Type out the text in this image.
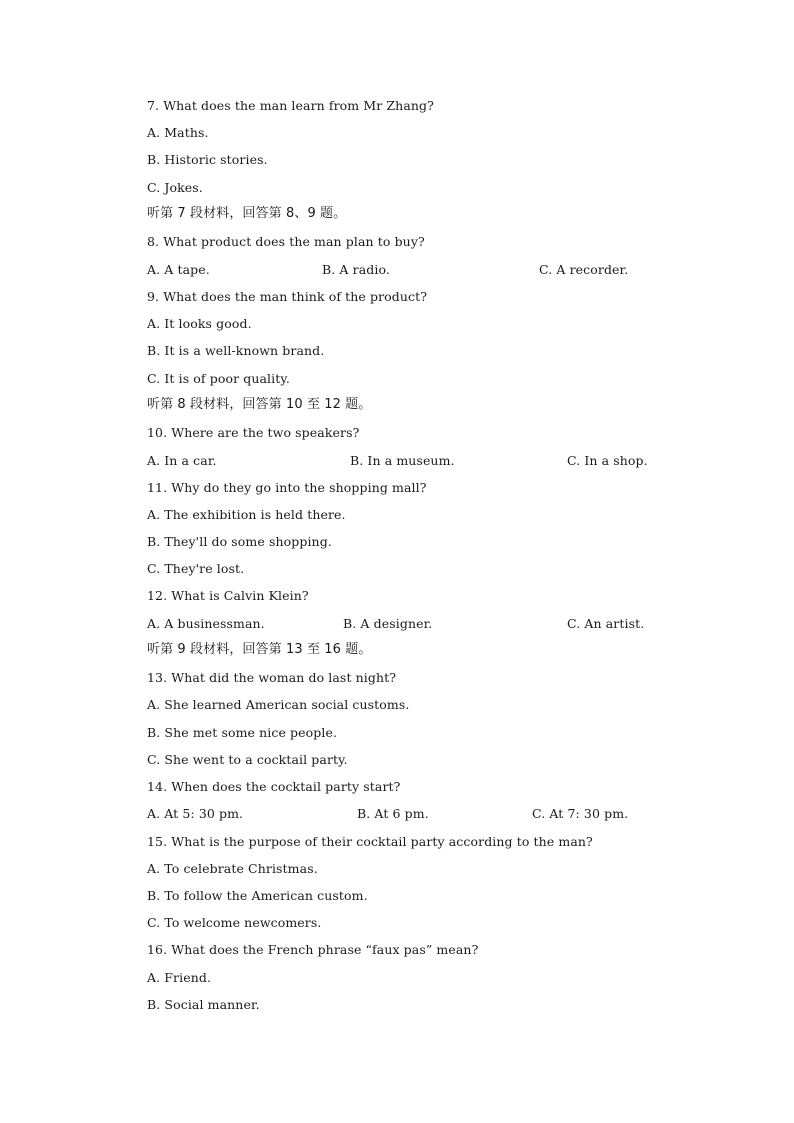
7. What does the man learn from Mr Zhang?
A. Maths.
B. Historic stories.
C. Jokes.
听第 7 段材料，回答第 8、9 题。
8. What product does the man plan to buy?

A. A tape.

	B. A radio.

	C. A recorder.

9. What does the man think of the product?
A. It looks good.
B. It is a well-known brand.
C. It is of poor quality.
听第 8 段材料，回答第 10 至 12 题。
10. Where are the two speakers?

A. In a car.

	B. In a museum.

	C. In a shop.

11. Why do they go into the shopping mall?
A. The exhibition is held there.
B. They'll do some shopping.
C. They're lost.
12. What is Calvin Klein?

A. A businessman.

	B. A designer.

	C. An artist.

听第 9 段材料，回答第 13 至 16 题。
13. What did the woman do last night?
A. She learned American social customs.
B. She met some nice people.
C. She went to a cocktail party.
14. When does the cocktail party start?

A. At 5: 30 pm.

	B. At 6 pm.

	C. At 7: 30 pm.

15. What is the purpose of their cocktail party according to the man?
A. To celebrate Christmas.
B. To follow the American custom.
C. To welcome newcomers.
16. What does the French phrase “faux pas” mean?
A. Friend.
B. Social manner.
